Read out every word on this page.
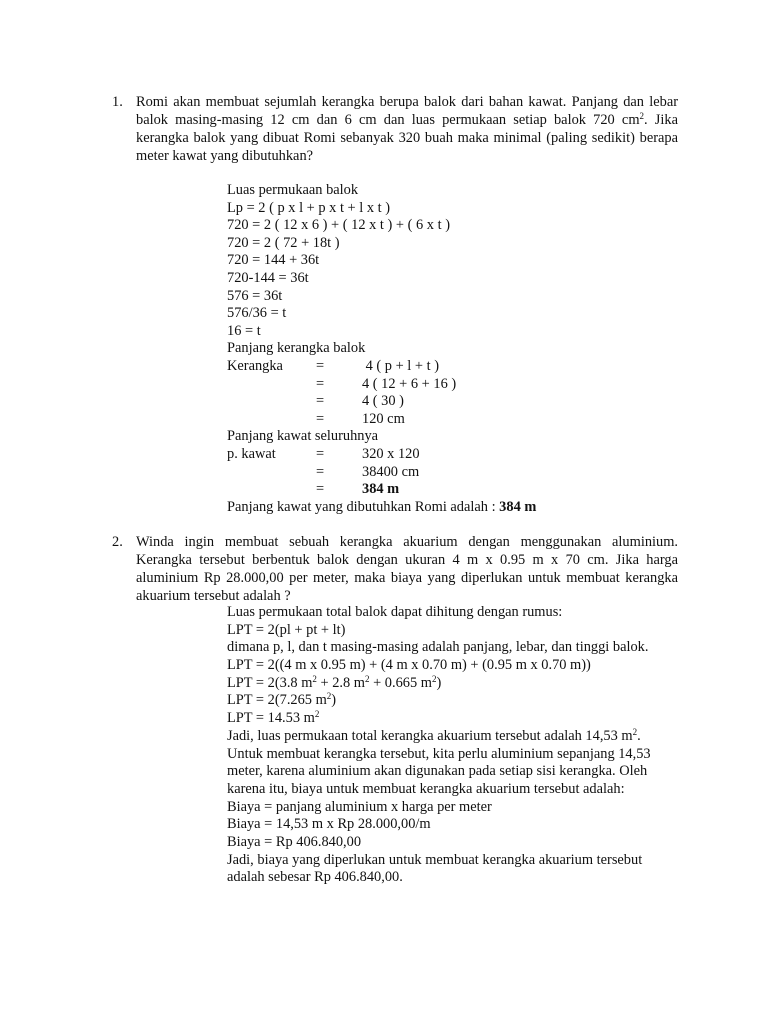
1. Romi akan membuat sejumlah kerangka berupa balok dari bahan kawat. Panjang dan lebar balok masing-masing 12 cm dan 6 cm dan luas permukaan setiap balok 720 $cm^2$. Jika kerangka balok yang dibuat Romi sebanyak 320 buah maka minimal (paling sedikit) berapa meter kawat yang dibutuhkan?
Luas permukaan balok
Lp = 2 ( p x l + p x t + l x t )
720 = 2 ( 12 x 6 ) + ( 12 x t ) + ( 6 x t )
720 = 2 ( 72 + 18t )
720 = 144 + 36t
720-144 = 36t
576 = 36t
576/36 = t
16 = t
Panjang kerangka balok
Kerangka =	4 ( p + l + t )
=	4 ( 12 + 6 + 16 )
=	4 ( 30 )
=	120 cm
Panjang kawat seluruhnya
p. kawat	=	320 x 120
=	38400 cm
=	384 m
Panjang kawat yang dibutuhkan Romi adalah : 384 m
2. Winda ingin membuat sebuah kerangka akuarium dengan menggunakan aluminium. Kerangka tersebut berbentuk balok dengan ukuran 4 m x 0.95 m x 70 cm. Jika harga aluminium Rp 28.000,00 per meter, maka biaya yang diperlukan untuk membuat kerangka akuarium tersebut adalah ?
Luas permukaan total balok dapat dihitung dengan rumus:
LPT = 2(pl + pt + lt)
dimana p, l, dan t masing-masing adalah panjang, lebar, dan tinggi balok.
LPT = 2((4 m x 0.95 m) + (4 m x 0.70 m) + (0.95 m x 0.70 m))
LPT = 2(3.8 $m^2 + 2.8$ $m^2 + 0.665$ $m^2$)
LPT = 2(7.265 $m^2$)
LPT = 14.53 $m^2$
Jadi, luas permukaan total kerangka akuarium tersebut adalah 14,53 $m^2$.
Untuk membuat kerangka tersebut, kita perlu aluminium sepanjang 14,53
meter, karena aluminium akan digunakan pada setiap sisi kerangka. Oleh
karena itu, biaya untuk membuat kerangka akuarium tersebut adalah:
Biaya = panjang aluminium x harga per meter
Biaya = 14,53 m x Rp 28.000,00/m
Biaya = Rp 406.840,00
Jadi, biaya yang diperlukan untuk membuat kerangka akuarium tersebut
adalah sebesar Rp 406.840,00.
